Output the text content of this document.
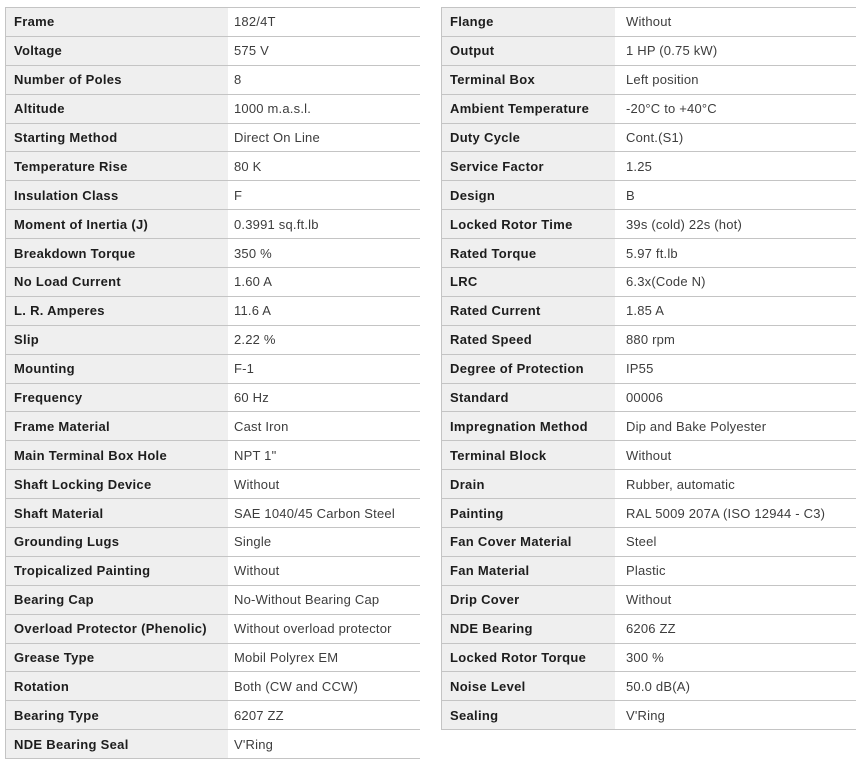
Frame	182/4T
Voltage	575 V
Number of Poles	8
Altitude	1000 m.a.s.l.
Starting Method	Direct On Line
Temperature Rise	80 K
Insulation Class	F
Moment of Inertia (J)	0.3991 sq.ft.lb
Breakdown Torque	350 %
No Load Current	1.60 A
L. R. Amperes	11.6 A
Slip	2.22 %
Mounting	F-1
Frequency	60 Hz
Frame Material	Cast Iron
Main Terminal Box Hole	NPT 1"
Shaft Locking Device	Without
Shaft Material	SAE 1040/45 Carbon Steel
Grounding Lugs	Single
Tropicalized Painting	Without
Bearing Cap	No-Without Bearing Cap
Overload Protector (Phenolic)	Without overload protector
Grease Type	Mobil Polyrex EM
Rotation	Both (CW and CCW)
Bearing Type	6207 ZZ
NDE Bearing Seal	V'Ring
Flange	Without
Output	1 HP (0.75 kW)
Terminal Box	Left position
Ambient Temperature	-20°C to +40°C
Duty Cycle	Cont.(S1)
Service Factor	1.25
Design	B
Locked Rotor Time	39s (cold) 22s (hot)
Rated Torque	5.97 ft.lb
LRC	6.3x(Code N)
Rated Current	1.85 A
Rated Speed	880 rpm
Degree of Protection	IP55
Standard	00006
Impregnation Method	Dip and Bake Polyester
Terminal Block	Without
Drain	Rubber, automatic
Painting	RAL 5009 207A (ISO 12944 - C3)
Fan Cover Material	Steel
Fan Material	Plastic
Drip Cover	Without
NDE Bearing	6206 ZZ
Locked Rotor Torque	300 %
Noise Level	50.0 dB(A)
Sealing	V'Ring
